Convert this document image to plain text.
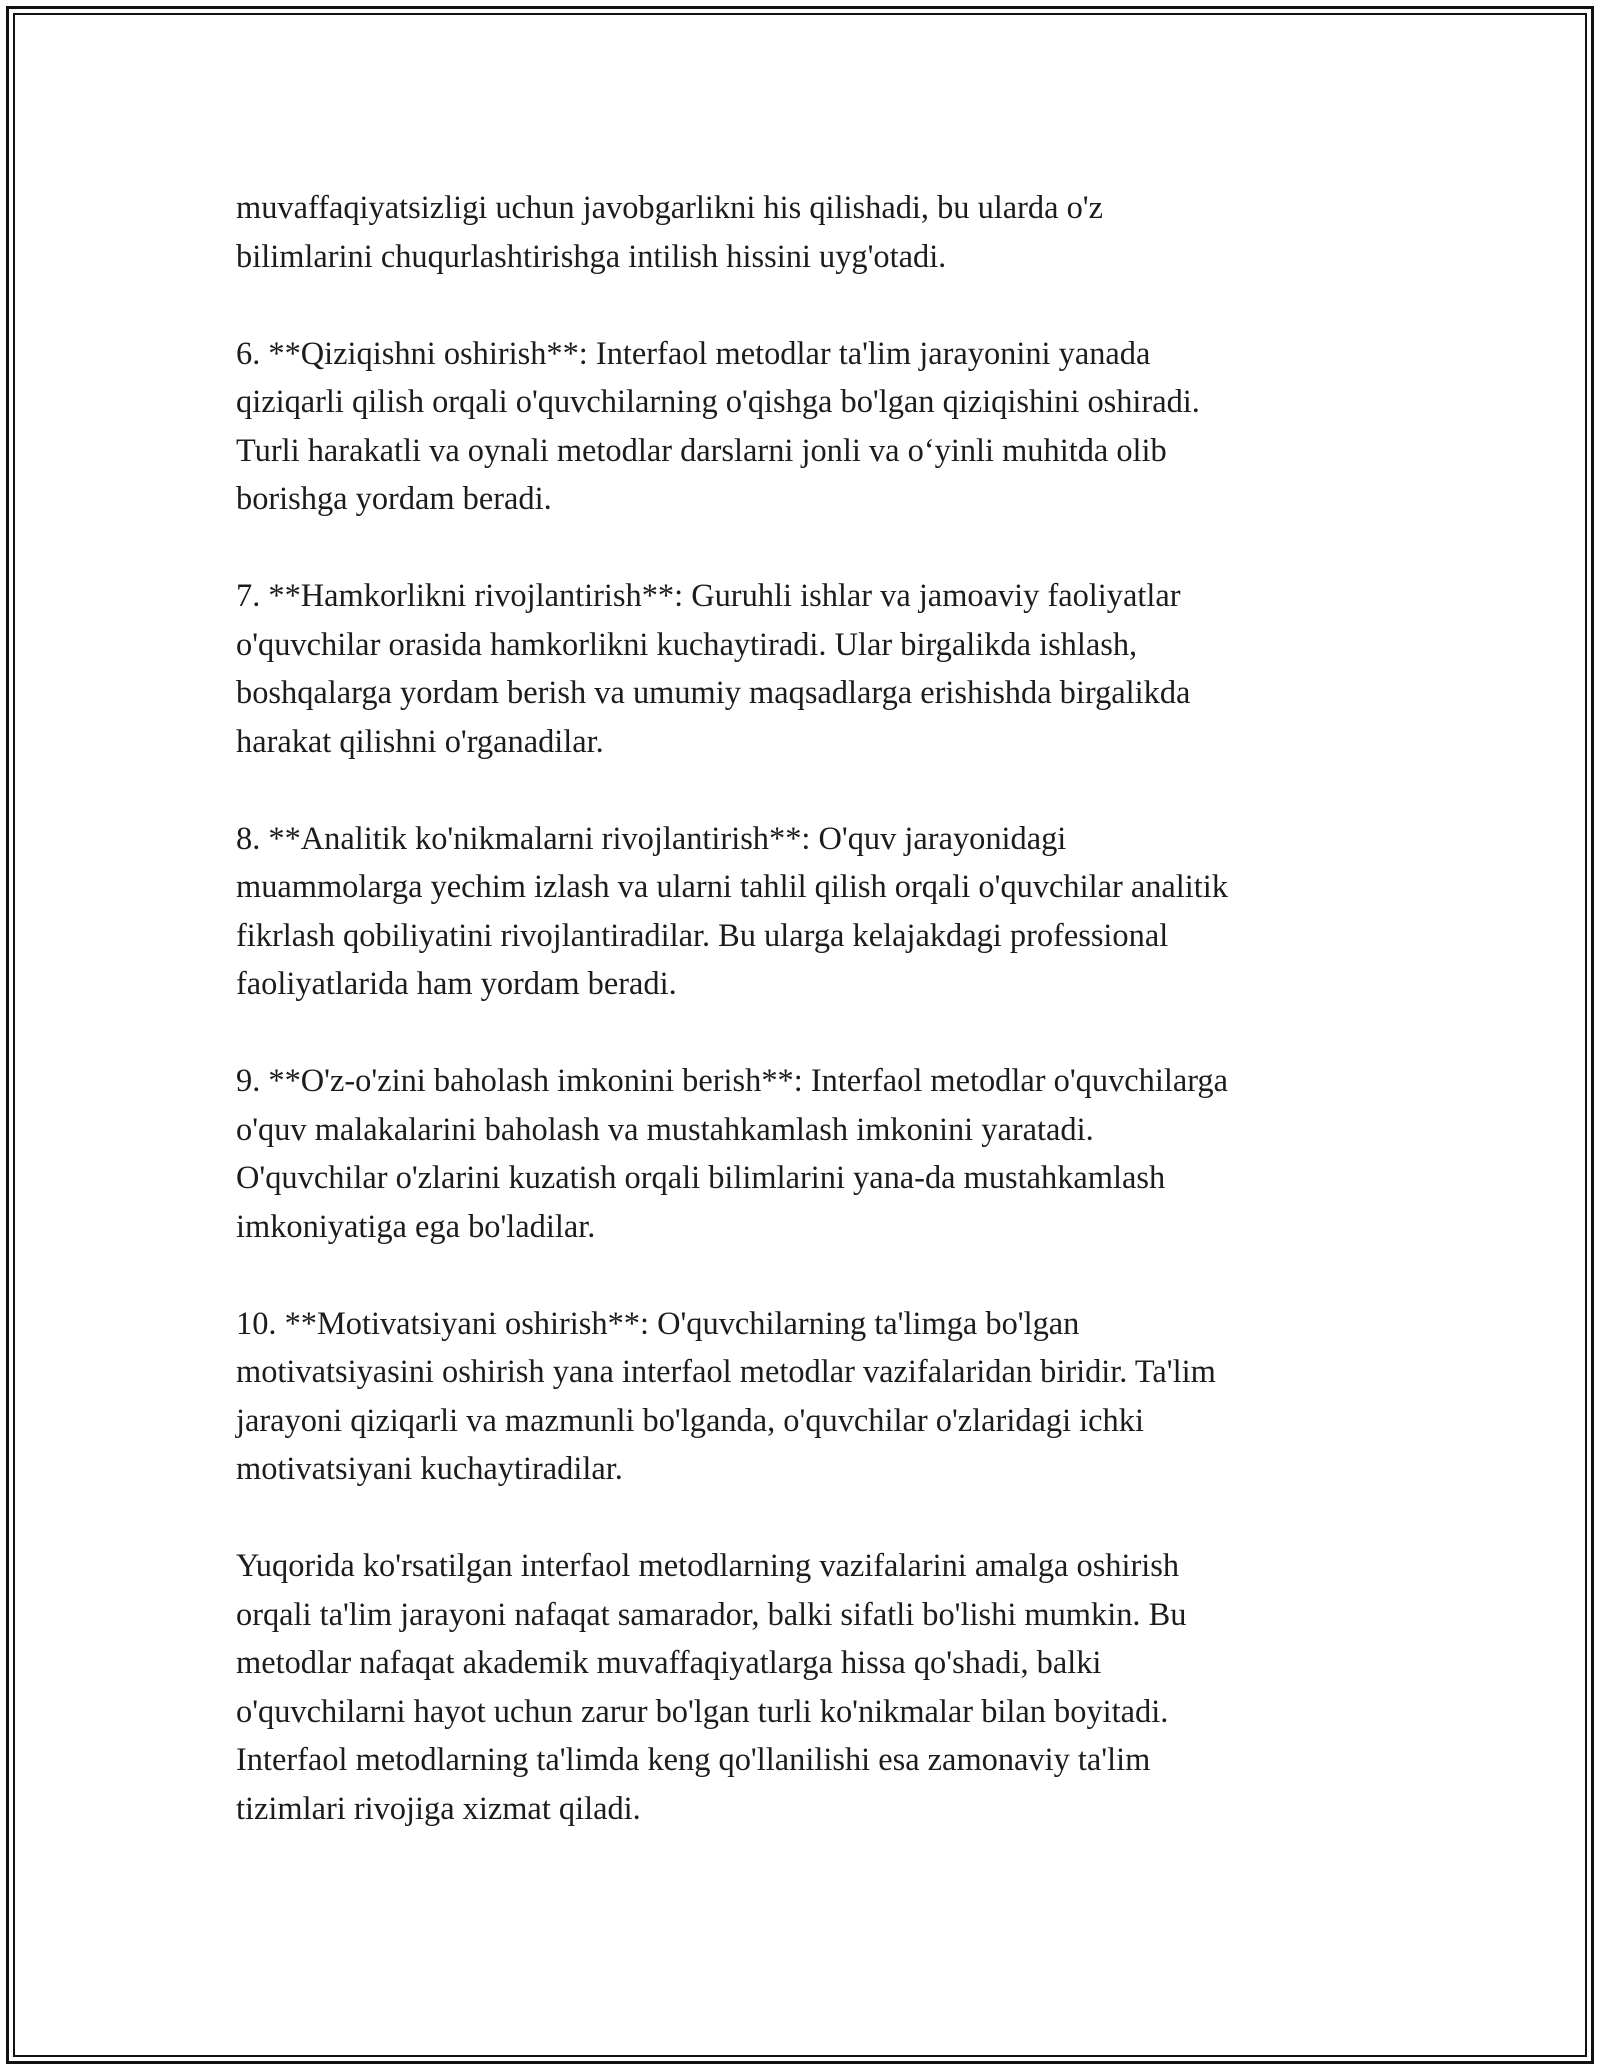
muvaffaqiyatsizligi uchun javobgarlikni his qilishadi, bu ularda o'z
bilimlarini chuqurlashtirishga intilish hissini uyg'otadi.

6. **Qiziqishni oshirish**: Interfaol metodlar ta'lim jarayonini yanada
qiziqarli qilish orqali o'quvchilarning o'qishga bo'lgan qiziqishini oshiradi.
Turli harakatli va oynali metodlar darslarni jonli va o‘yinli muhitda olib
borishga yordam beradi.

7. **Hamkorlikni rivojlantirish**: Guruhli ishlar va jamoaviy faoliyatlar
o'quvchilar orasida hamkorlikni kuchaytiradi. Ular birgalikda ishlash,
boshqalarga yordam berish va umumiy maqsadlarga erishishda birgalikda
harakat qilishni o'rganadilar.

8. **Analitik ko'nikmalarni rivojlantirish**: O'quv jarayonidagi
muammolarga yechim izlash va ularni tahlil qilish orqali o'quvchilar analitik
fikrlash qobiliyatini rivojlantiradilar. Bu ularga kelajakdagi professional
faoliyatlarida ham yordam beradi.

9. **O'z-o'zini baholash imkonini berish**: Interfaol metodlar o'quvchilarga
o'quv malakalarini baholash va mustahkamlash imkonini yaratadi.
O'quvchilar o'zlarini kuzatish orqali bilimlarini yana-da mustahkamlash
imkoniyatiga ega bo'ladilar.

10. **Motivatsiyani oshirish**: O'quvchilarning ta'limga bo'lgan
motivatsiyasini oshirish yana interfaol metodlar vazifalaridan biridir. Ta'lim
jarayoni qiziqarli va mazmunli bo'lganda, o'quvchilar o'zlaridagi ichki
motivatsiyani kuchaytiradilar.

Yuqorida ko'rsatilgan interfaol metodlarning vazifalarini amalga oshirish
orqali ta'lim jarayoni nafaqat samarador, balki sifatli bo'lishi mumkin. Bu
metodlar nafaqat akademik muvaffaqiyatlarga hissa qo'shadi, balki
o'quvchilarni hayot uchun zarur bo'lgan turli ko'nikmalar bilan boyitadi.
Interfaol metodlarning ta'limda keng qo'llanilishi esa zamonaviy ta'lim
tizimlari rivojiga xizmat qiladi.
